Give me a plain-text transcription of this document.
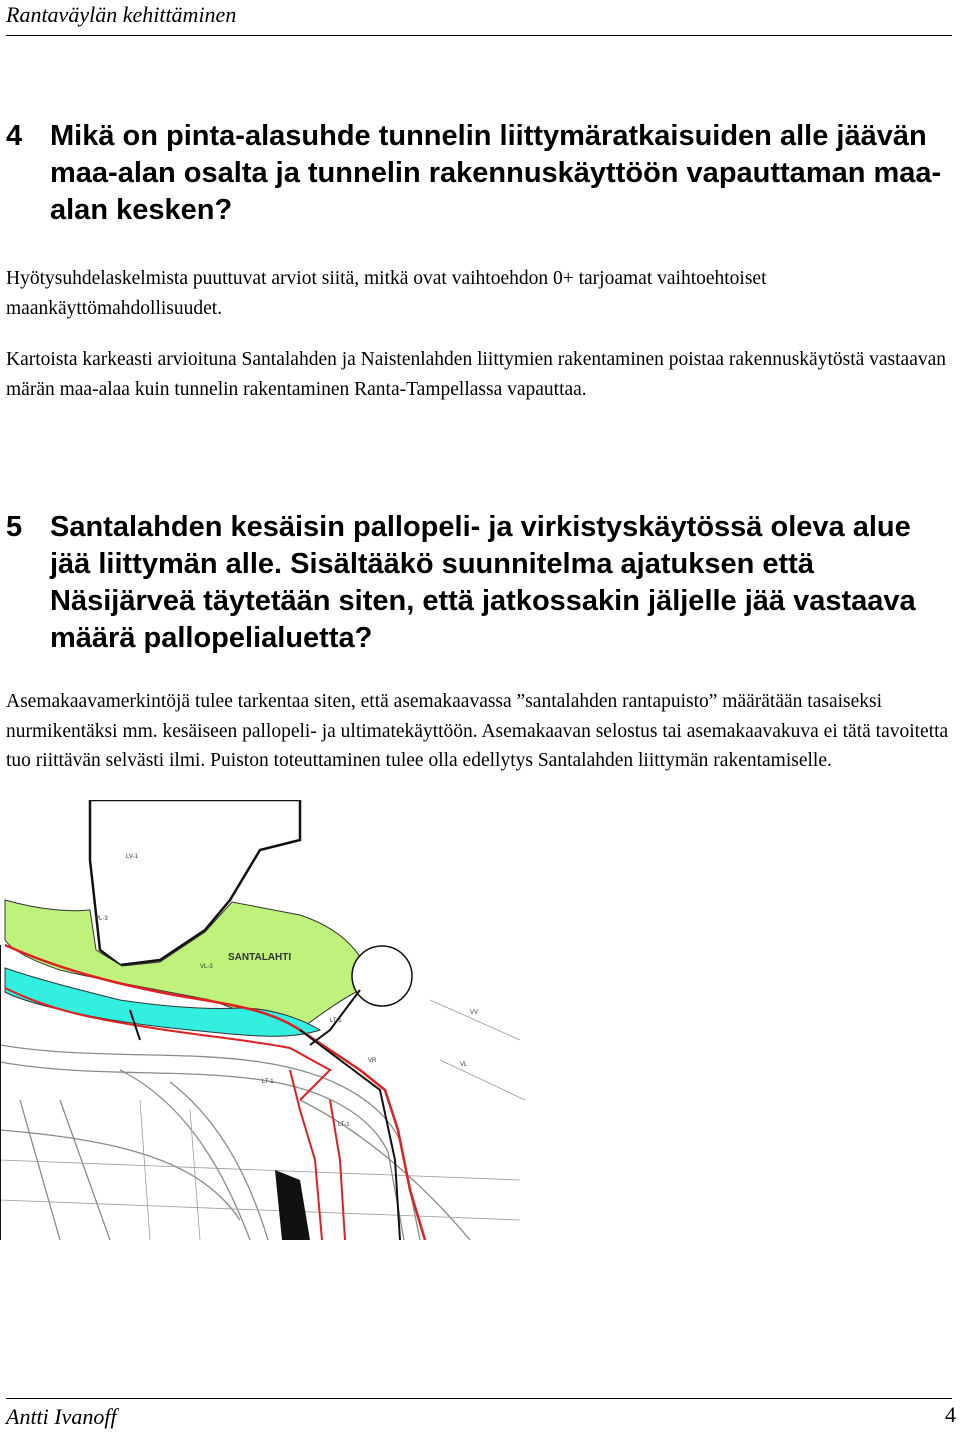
Rantaväylän kehittäminen
4 Mikä on pinta-alasuhde tunnelin liittymäratkaisuiden alle jäävän maa-alan osalta ja tunnelin rakennuskäyttöön vapauttaman maa-alan kesken?

Hyötysuhdelaskelmista puuttuvat arviot siitä, mitkä ovat vaihtoehdon 0+ tarjoamat vaihtoehtoiset maankäyttömahdollisuudet.

Kartoista karkeasti arvioituna Santalahden ja Naistenlahden liittymien rakentaminen poistaa rakennuskäytöstä vastaavan märän maa-alaa kuin tunnelin rakentaminen Ranta-Tampellassa vapauttaa.

5 Santalahden kesäisin pallopeli- ja virkistyskäytössä oleva alue jää liittymän alle. Sisältääkö suunnitelma ajatuksen että Näsijärveä täytetään siten, että jatkossakin jäljelle jää vastaava määrä pallopelialuetta?

Asemakaavamerkintöjä tulee tarkentaa siten, että asemakaavassa ”santalahden rantapuisto” määrätään tasaiseksi nurmikentäksi mm. kesäiseen pallopeli- ja ultimatekäyttöön. Asemakaavan selostus tai asemakaavakuva ei tätä tavoitetta tuo riittävän selvästi ilmi. Puiston toteuttaminen tulee olla edellytys Santalahden liittymän rakentamiselle.

SANTALAHTI
LV-1
VL-3
VL-3
LT-1
LT-1
LT-1
VR
VV
VL
Antti Ivanoff	4
